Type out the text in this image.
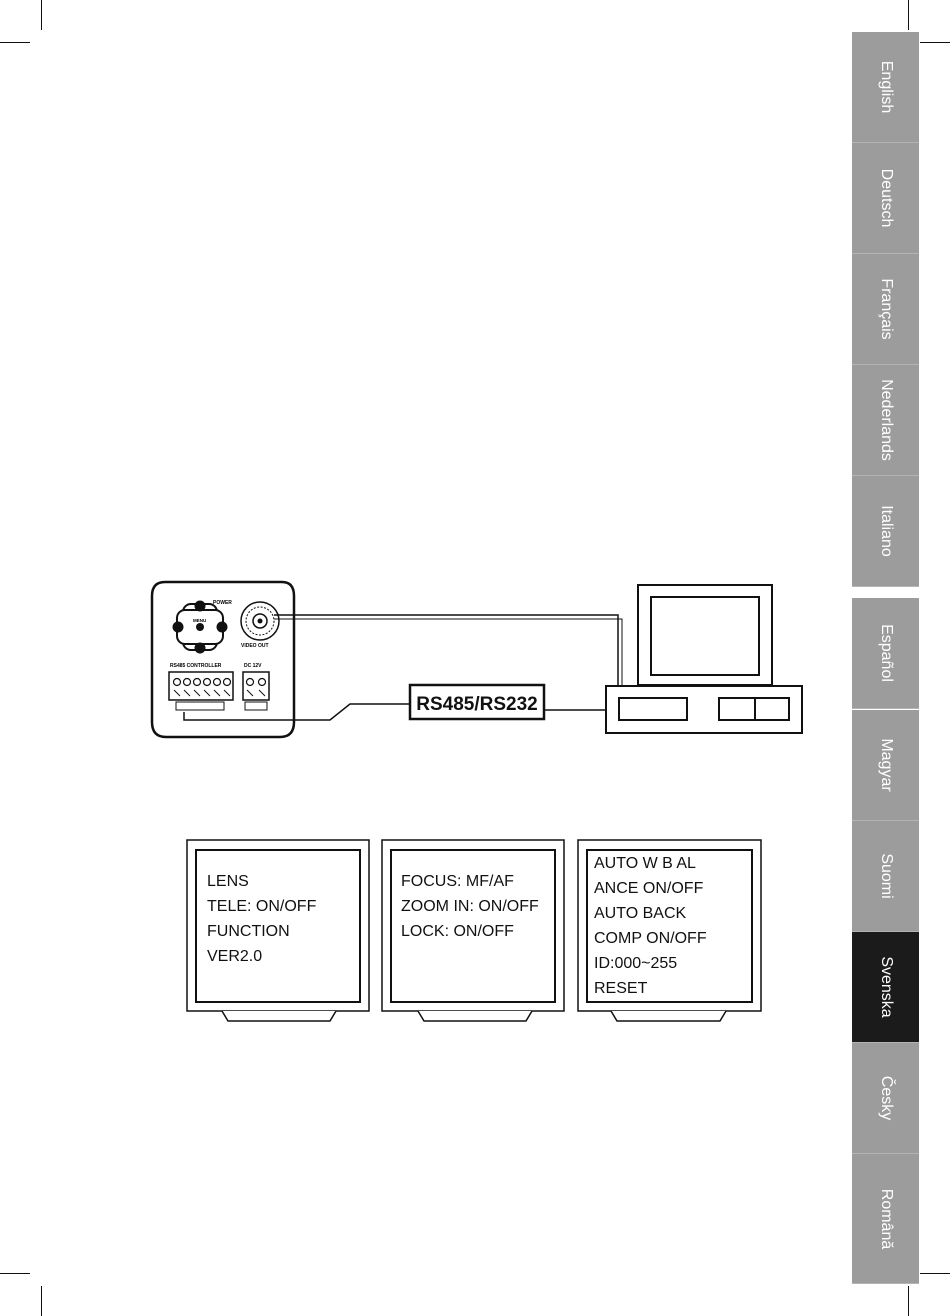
English
Deutsch
Français
Nederlands
Italiano
Español
Magyar
Suomi
Svenska
Česky
Română
POWER
MENU
VIDEO OUT
RS485 CONTROLLER	DC 12V
RS485/RS232
LENS
TELE: ON/OFF
FUNCTION
VER2.0
FOCUS: MF/AF
ZOOM IN: ON/OFF
LOCK: ON/OFF
AUTO W B AL
ANCE ON/OFF
AUTO BACK
COMP ON/OFF
ID:000~255
RESET
